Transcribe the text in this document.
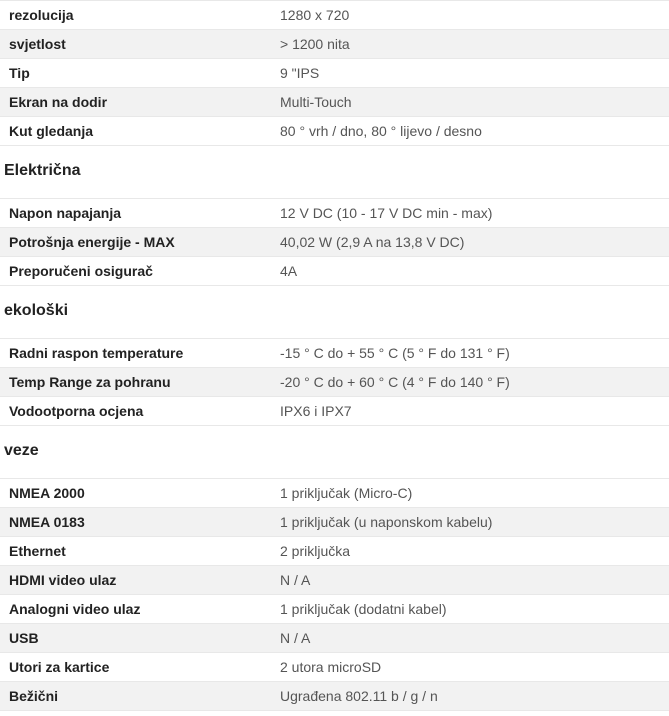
rezolucija	1280 x 720
svjetlost	> 1200 nita
Tip	9 "IPS
Ekran na dodir	Multi-Touch
Kut gledanja	80 ° vrh / dno, 80 ° lijevo / desno
Električna
Napon napajanja	12 V DC (10 - 17 V DC min - max)
Potrošnja energije - MAX	40,02 W (2,9 A na 13,8 V DC)
Preporučeni osigurač	4A
ekološki
Radni raspon temperature	-15 ° C do + 55 ° C (5 ° F do 131 ° F)
Temp Range za pohranu	-20 ° C do + 60 ° C (4 ° F do 140 ° F)
Vodootporna ocjena	IPX6 i IPX7
veze
NMEA 2000	1 priključak (Micro-C)
NMEA 0183	1 priključak (u naponskom kabelu)
Ethernet	2 priključka
HDMI video ulaz	N / A
Analogni video ulaz	1 priključak (dodatni kabel)
USB	N / A
Utori za kartice	2 utora microSD
Bežični	Ugrađena 802.11 b / g / n
